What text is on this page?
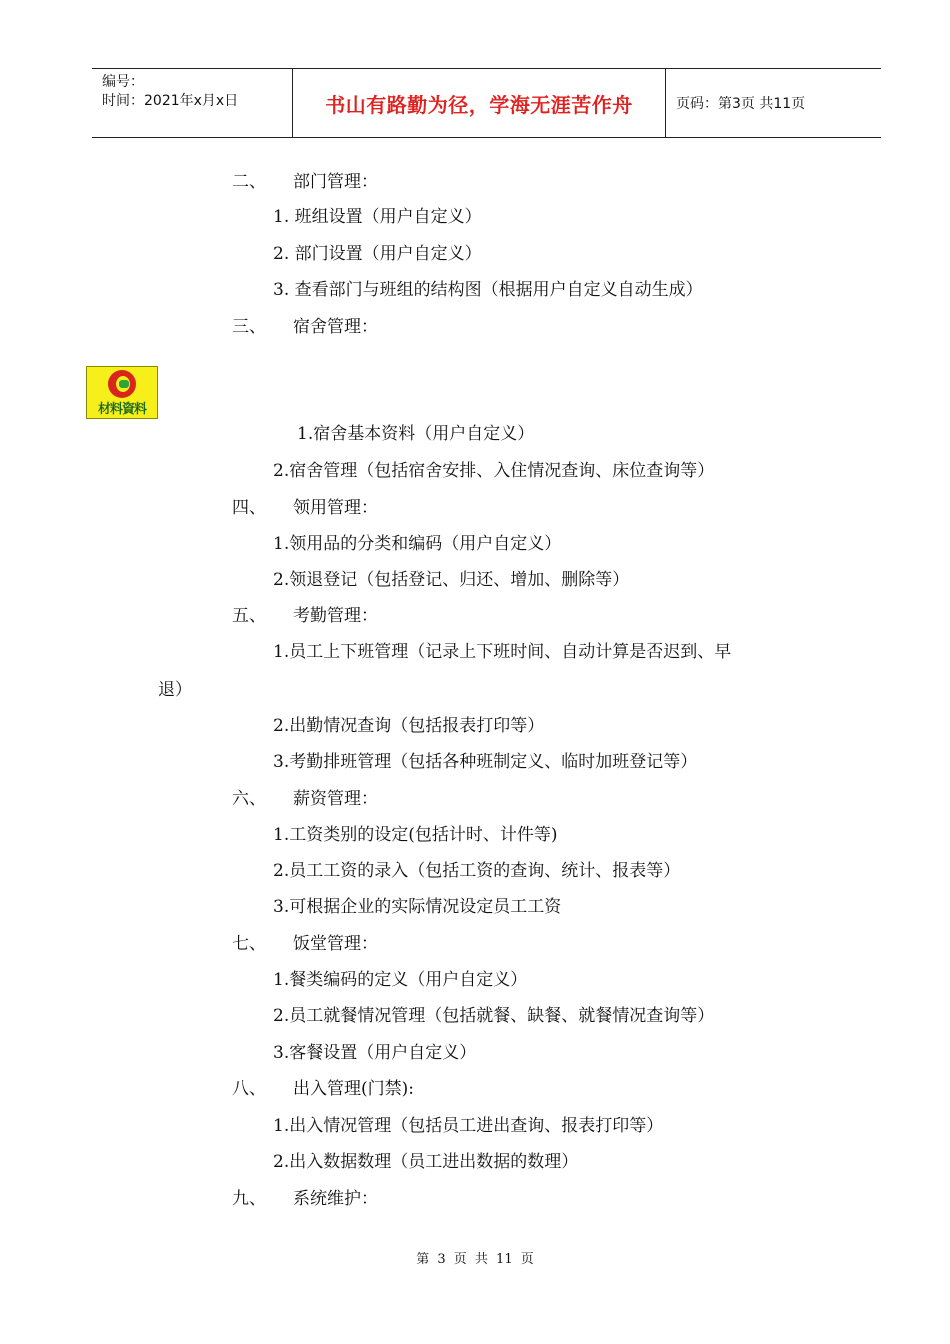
编号：
时间：2021年x月x日	书山有路勤为径，学海无涯苦作舟	页码：第3页 共11页
材料資料
二、 部门管理：
1. 班组设置（用户自定义）
2. 部门设置（用户自定义）
3. 查看部门与班组的结构图（根据用户自定义自动生成）
三、 宿舍管理：
1.宿舍基本资料（用户自定义）
2.宿舍管理（包括宿舍安排、入住情况查询、床位查询等）
四、 领用管理：
1.领用品的分类和编码（用户自定义）
2.领退登记（包括登记、归还、增加、删除等）
五、 考勤管理：
1.员工上下班管理（记录上下班时间、自动计算是否迟到、早
退）
2.出勤情况查询（包括报表打印等）
3.考勤排班管理（包括各种班制定义、临时加班登记等）
六、 薪资管理：
1.工资类别的设定(包括计时、计件等)
2.员工工资的录入（包括工资的查询、统计、报表等）
3.可根据企业的实际情况设定员工工资
七、 饭堂管理：
1.餐类编码的定义（用户自定义）
2.员工就餐情况管理（包括就餐、缺餐、就餐情况查询等）
3.客餐设置（用户自定义）
八、 出入管理(门禁):
1.出入情况管理（包括员工进出查询、报表打印等）
2.出入数据数理（员工进出数据的数理）
九、 系统维护：
第 3 页 共 11 页
